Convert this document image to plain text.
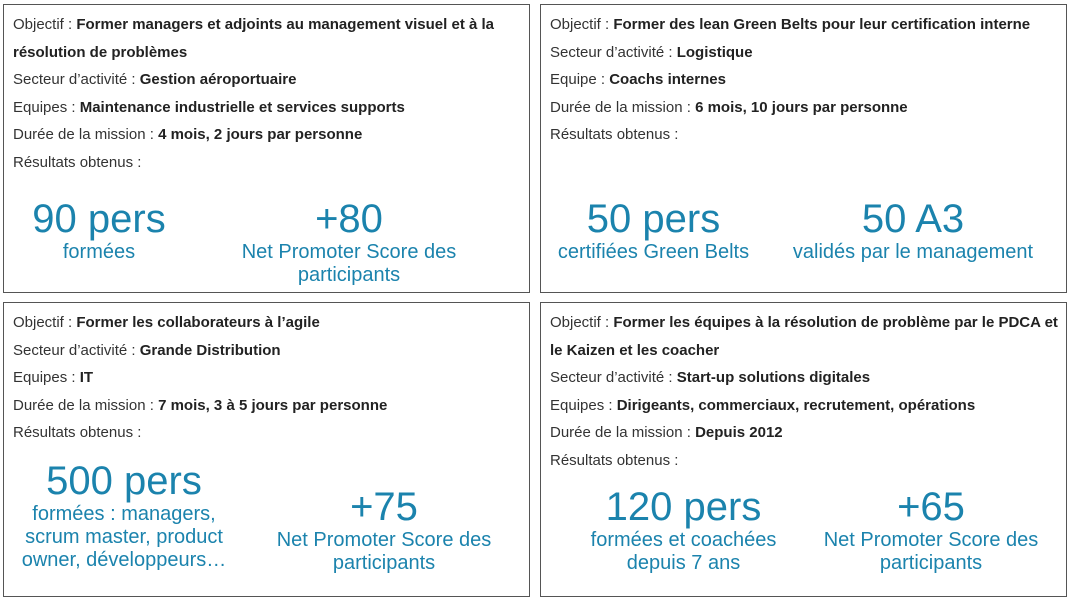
Objectif : Former managers et adjoints au management visuel et à la résolution de problèmes
Secteur d’activité : Gestion aéroportuaire
Equipes : Maintenance industrielle et services supports
Durée de la mission : 4 mois, 2 jours par personne
Résultats obtenus :
90 pers
formées
+80
Net Promoter Score des participants
Objectif : Former des lean Green Belts pour leur certification interne
Secteur d’activité : Logistique
Equipe : Coachs internes
Durée de la mission : 6 mois, 10 jours par personne
Résultats obtenus :
50 pers
certifiées Green Belts
50 A3
validés par le management
Objectif : Former les collaborateurs à l’agile
Secteur d’activité : Grande Distribution
Equipes : IT
Durée de la mission : 7 mois, 3 à 5 jours par personne
Résultats obtenus :
500 pers
formées : managers, scrum master, product owner, développeurs…
+75
Net Promoter Score des participants
Objectif : Former les équipes à la résolution de problème par le PDCA et le Kaizen et les coacher
Secteur d’activité : Start-up solutions digitales
Equipes : Dirigeants, commerciaux, recrutement, opérations
Durée de la mission : Depuis 2012
Résultats obtenus :
120 pers
formées et coachées depuis 7 ans
+65
Net Promoter Score des participants
